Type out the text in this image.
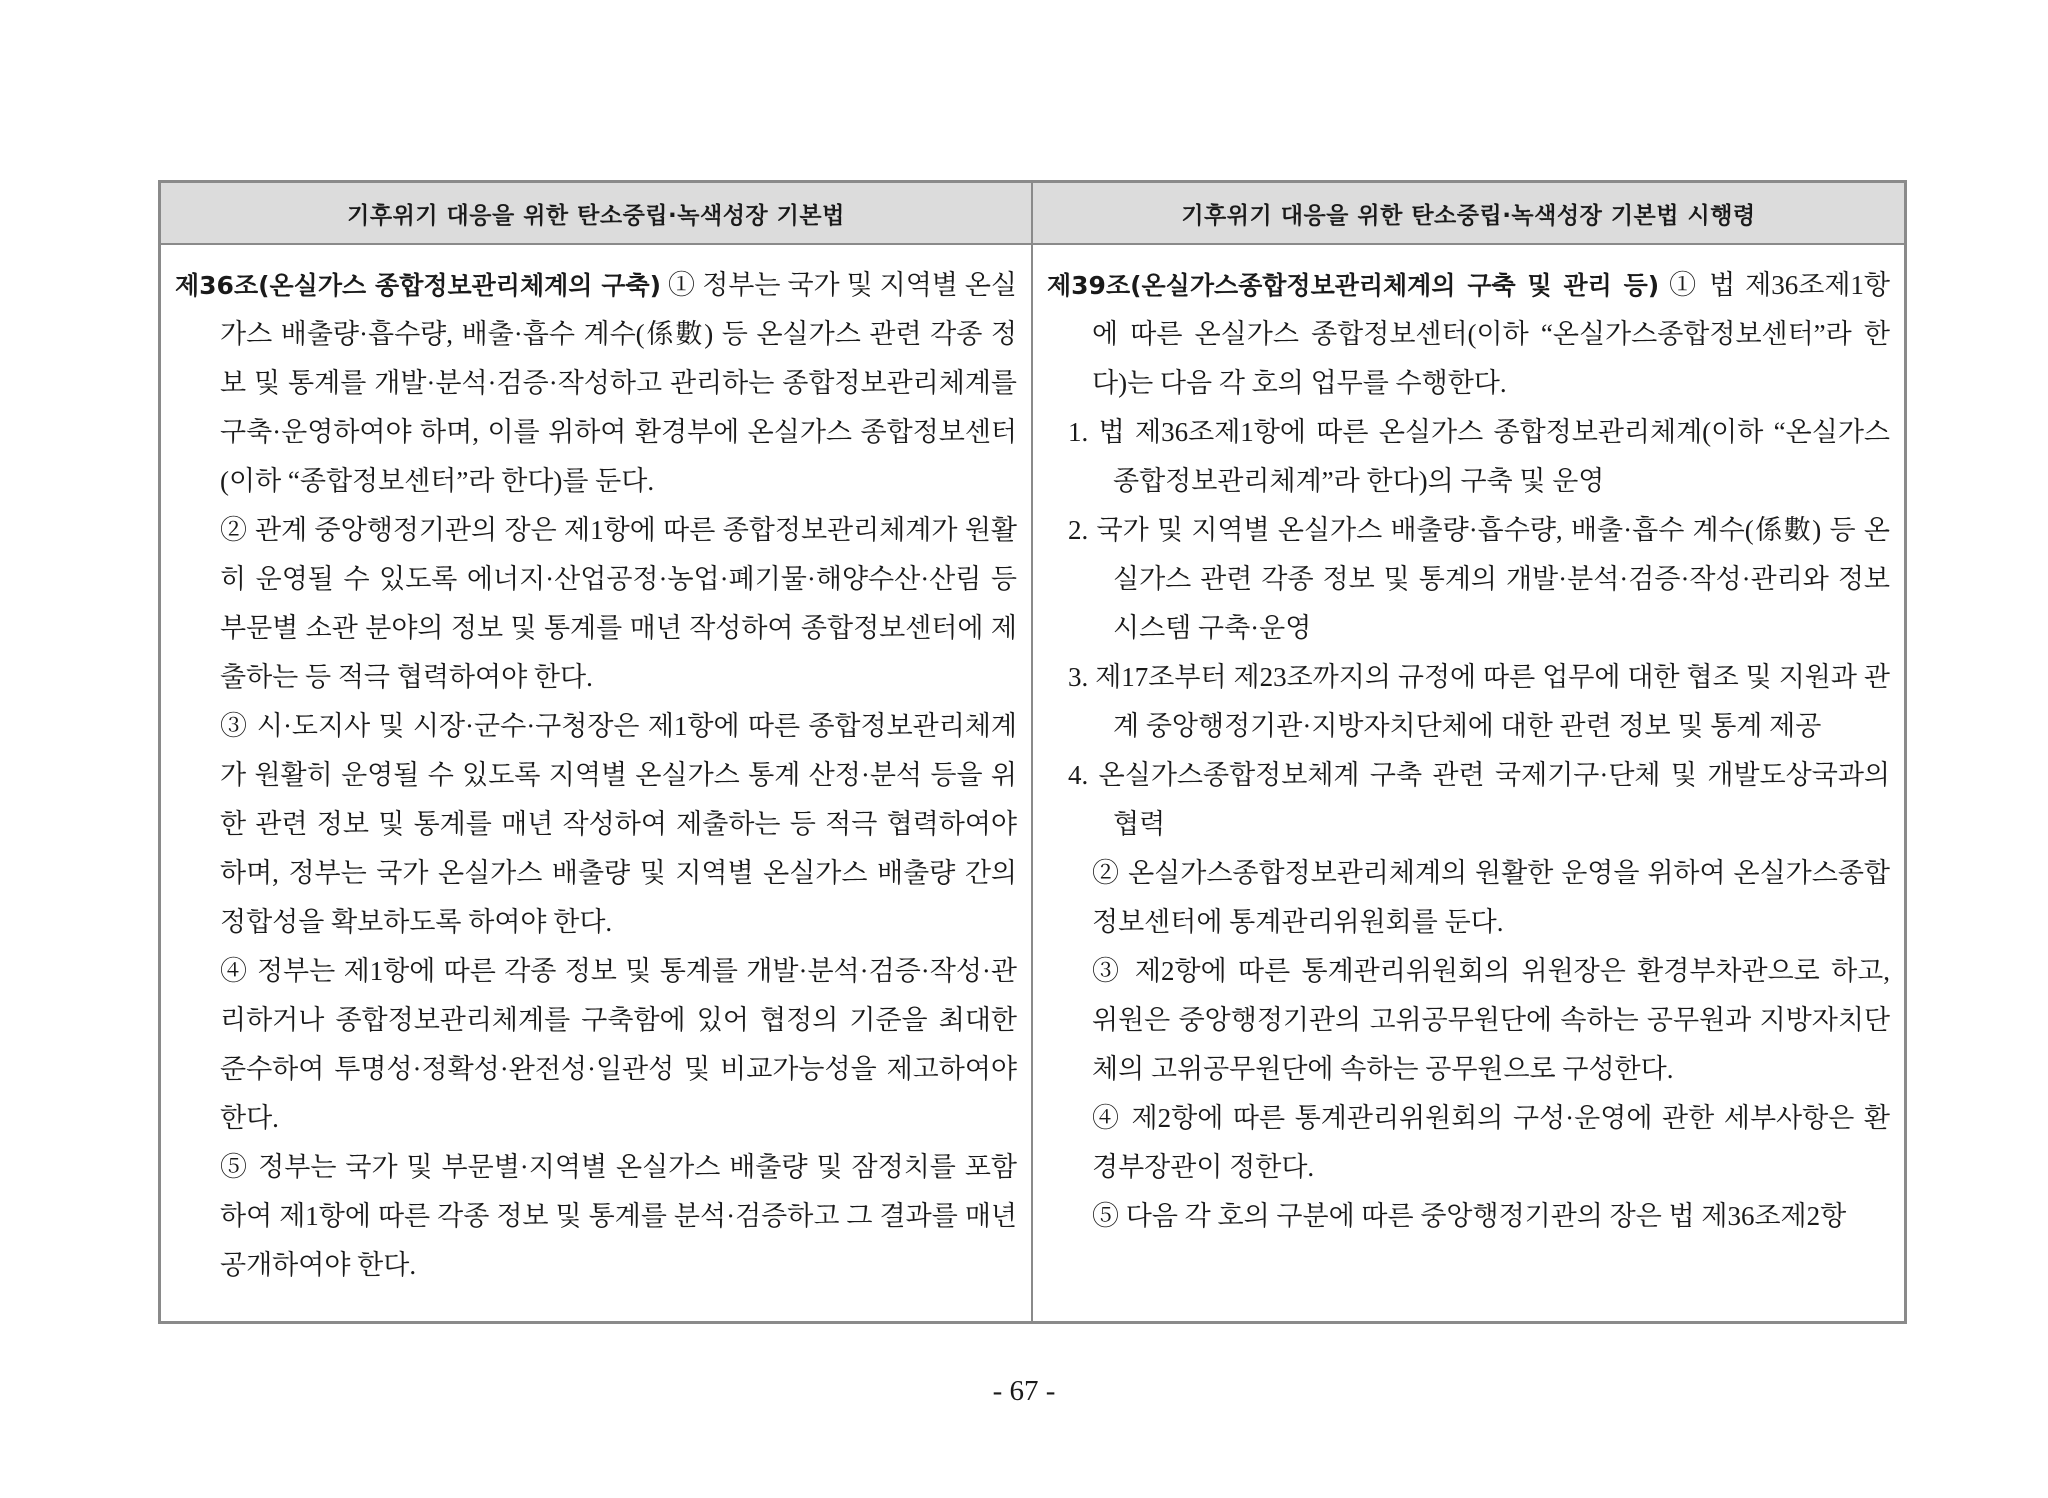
기후위기 대응을 위한 탄소중립·녹색성장 기본법	기후위기 대응을 위한 탄소중립·녹색성장 기본법 시행령

제36조(온실가스 종합정보관리체계의 구축) ① 정부는 국가 및 지역별 온실가스 배출량·흡수량, 배출·흡수 계수(係數) 등 온실가스 관련 각종 정보 및 통계를 개발·분석·검증·작성하고 관리하는 종합정보관리체계를 구축·운영하여야 하며, 이를 위하여 환경부에 온실가스 종합정보센터(이하 “종합정보센터”라 한다)를 둔다.

② 관계 중앙행정기관의 장은 제1항에 따른 종합정보관리체계가 원활히 운영될 수 있도록 에너지·산업공정·농업·폐기물·해양수산·산림 등 부문별 소관 분야의 정보 및 통계를 매년 작성하여 종합정보센터에 제출하는 등 적극 협력하여야 한다.

③ 시·도지사 및 시장·군수·구청장은 제1항에 따른 종합정보관리체계가 원활히 운영될 수 있도록 지역별 온실가스 통계 산정·분석 등을 위한 관련 정보 및 통계를 매년 작성하여 제출하는 등 적극 협력하여야 하며, 정부는 국가 온실가스 배출량 및 지역별 온실가스 배출량 간의 정합성을 확보하도록 하여야 한다.

④ 정부는 제1항에 따른 각종 정보 및 통계를 개발·분석·검증·작성·관리하거나 종합정보관리체계를 구축함에 있어 협정의 기준을 최대한 준수하여 투명성·정확성·완전성·일관성 및 비교가능성을 제고하여야 한다.

⑤ 정부는 국가 및 부문별·지역별 온실가스 배출량 및 잠정치를 포함하여 제1항에 따른 각종 정보 및 통계를 분석·검증하고 그 결과를 매년 공개하여야 한다.

제39조(온실가스종합정보관리체계의 구축 및 관리 등) ① 법 제36조제1항에 따른 온실가스 종합정보센터(이하 “온실가스종합정보센터”라 한다)는 다음 각 호의 업무를 수행한다.

1. 법 제36조제1항에 따른 온실가스 종합정보관리체계(이하 “온실가스종합정보관리체계”라 한다)의 구축 및 운영

2. 국가 및 지역별 온실가스 배출량·흡수량, 배출·흡수 계수(係數) 등 온실가스 관련 각종 정보 및 통계의 개발·분석·검증·작성·관리와 정보시스템 구축·운영

3. 제17조부터 제23조까지의 규정에 따른 업무에 대한 협조 및 지원과 관계 중앙행정기관·지방자치단체에 대한 관련 정보 및 통계 제공

4. 온실가스종합정보체계 구축 관련 국제기구·단체 및 개발도상국과의 협력

② 온실가스종합정보관리체계의 원활한 운영을 위하여 온실가스종합정보센터에 통계관리위원회를 둔다.

③ 제2항에 따른 통계관리위원회의 위원장은 환경부차관으로 하고, 위원은 중앙행정기관의 고위공무원단에 속하는 공무원과 지방자치단체의 고위공무원단에 속하는 공무원으로 구성한다.

④ 제2항에 따른 통계관리위원회의 구성·운영에 관한 세부사항은 환경부장관이 정한다.

⑤ 다음 각 호의 구분에 따른 중앙행정기관의 장은 법 제36조제2항

- 67 -
